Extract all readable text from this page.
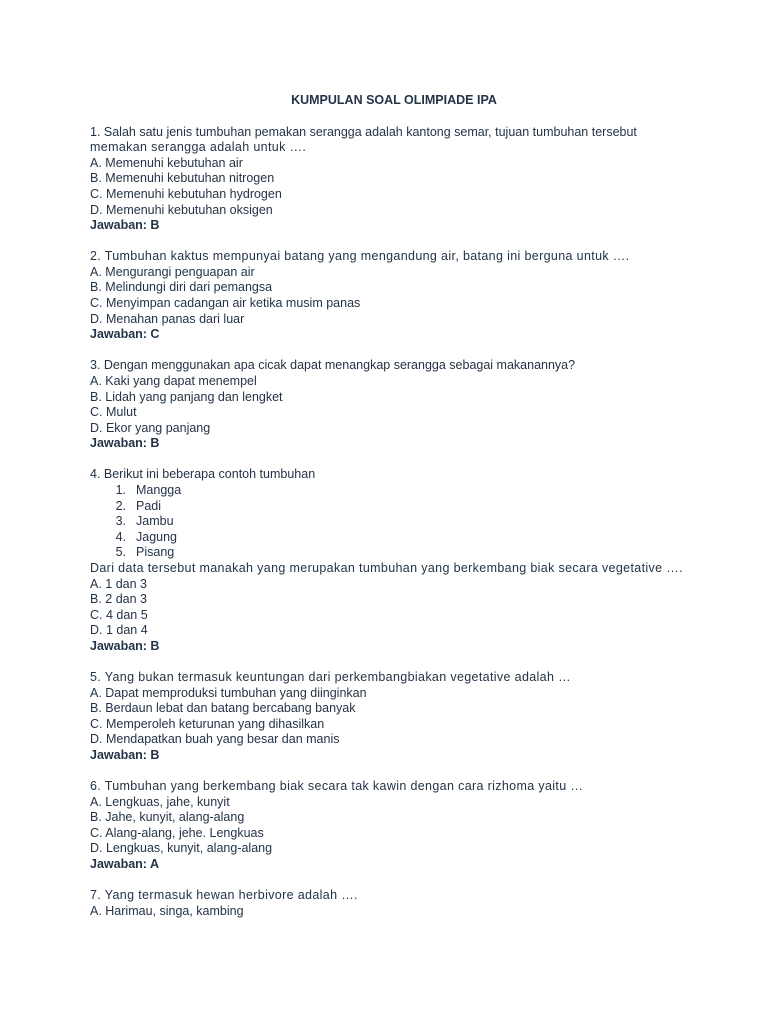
KUMPULAN SOAL OLIMPIADE IPA
1. Salah satu jenis tumbuhan pemakan serangga adalah kantong semar, tujuan tumbuhan tersebut
memakan serangga adalah untuk ….
A. Memenuhi kebutuhan air
B. Memenuhi kebutuhan nitrogen
C. Memenuhi kebutuhan hydrogen
D. Memenuhi kebutuhan oksigen
Jawaban: B
2. Tumbuhan kaktus mempunyai batang yang mengandung air, batang ini berguna untuk ….
A. Mengurangi penguapan air
B. Melindungi diri dari pemangsa
C. Menyimpan cadangan air ketika musim panas
D. Menahan panas dari luar
Jawaban: C
3. Dengan menggunakan apa cicak dapat menangkap serangga sebagai makanannya?
A. Kaki yang dapat menempel
B. Lidah yang panjang dan lengket
C. Mulut
D. Ekor yang panjang
Jawaban: B
4. Berikut ini beberapa contoh tumbuhan
1. Mangga
2. Padi
3. Jambu
4. Jagung
5. Pisang
Dari data tersebut manakah yang merupakan tumbuhan yang berkembang biak secara vegetative ….
A. 1 dan 3
B. 2 dan 3
C. 4 dan 5
D. 1 dan 4
Jawaban: B
5. Yang bukan termasuk keuntungan dari perkembangbiakan vegetative adalah …
A. Dapat memproduksi tumbuhan yang diinginkan
B. Berdaun lebat dan batang bercabang banyak
C. Memperoleh keturunan yang dihasilkan
D. Mendapatkan buah yang besar dan manis
Jawaban: B
6. Tumbuhan yang berkembang biak secara tak kawin dengan cara rizhoma yaitu …
A. Lengkuas, jahe, kunyit
B. Jahe, kunyit, alang-alang
C. Alang-alang, jehe. Lengkuas
D. Lengkuas, kunyit, alang-alang
Jawaban: A
7. Yang termasuk hewan herbivore adalah ….
A. Harimau, singa, kambing
